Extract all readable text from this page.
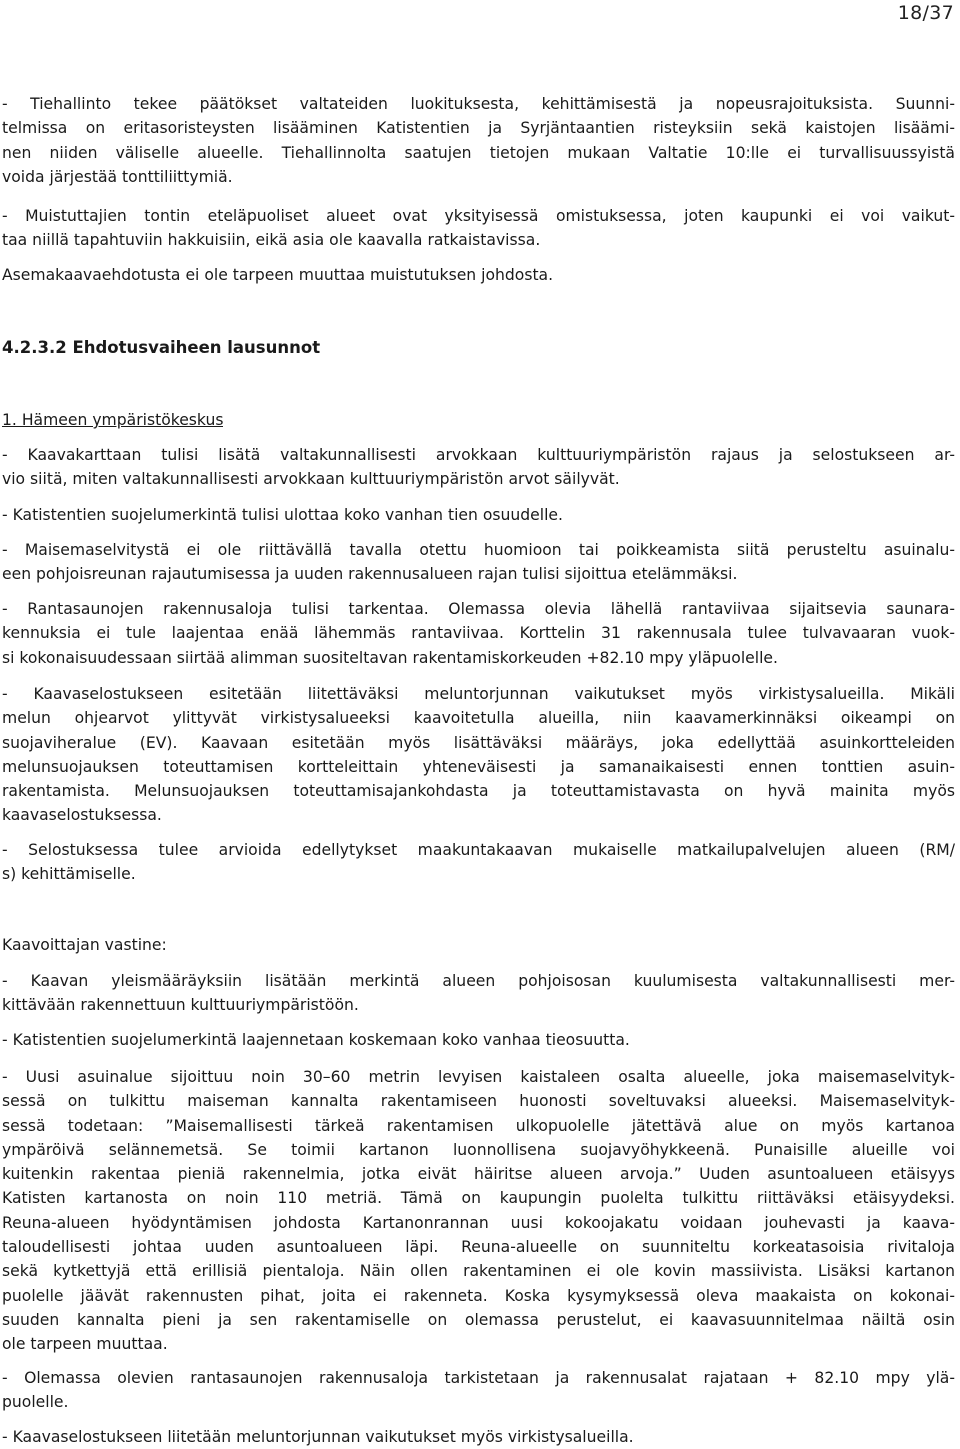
18/37
- Tiehallinto tekee päätökset valtateiden luokituksesta, kehittämisestä ja nopeusrajoituksista. Suunni-
telmissa on eritasoristeysten lisääminen Katistentien ja Syrjäntaantien risteyksiin sekä kaistojen lisäämi-
nen niiden väliselle alueelle. Tiehallinnolta saatujen tietojen mukaan Valtatie 10:lle ei turvallisuussyistä
voida järjestää tonttiliittymiä.
- Muistuttajien tontin eteläpuoliset alueet ovat yksityisessä omistuksessa, joten kaupunki ei voi vaikut-
taa niillä tapahtuviin hakkuisiin, eikä asia ole kaavalla ratkaistavissa.
Asemakaavaehdotusta ei ole tarpeen muuttaa muistutuksen johdosta.
4.2.3.2 Ehdotusvaiheen lausunnot
1. Hämeen ympäristökeskus
- Kaavakarttaan tulisi lisätä valtakunnallisesti arvokkaan kulttuuriympäristön rajaus ja selostukseen ar-
vio siitä, miten valtakunnallisesti arvokkaan kulttuuriympäristön arvot säilyvät.
- Katistentien suojelumerkintä tulisi ulottaa koko vanhan tien osuudelle.
- Maisemaselvitystä ei ole riittävällä tavalla otettu huomioon tai poikkeamista siitä perusteltu asuinalu-
een pohjoisreunan rajautumisessa ja uuden rakennusalueen rajan tulisi sijoittua etelämmäksi.
- Rantasaunojen rakennusaloja tulisi tarkentaa. Olemassa olevia lähellä rantaviivaa sijaitsevia saunara-
kennuksia ei tule laajentaa enää lähemmäs rantaviivaa. Korttelin 31 rakennusala tulee tulvavaaran vuok-
si kokonaisuudessaan siirtää alimman suositeltavan rakentamiskorkeuden +82.10 mpy yläpuolelle.
- Kaavaselostukseen esitetään liitettäväksi meluntorjunnan vaikutukset myös virkistysalueilla. Mikäli
melun ohjearvot ylittyvät virkistysalueeksi kaavoitetulla alueilla, niin kaavamerkinnäksi oikeampi on
suojaviheralue (EV). Kaavaan esitetään myös lisättäväksi määräys, joka edellyttää asuinkortteleiden
melunsuojauksen toteuttamisen kortteleittain yhteneväisesti ja samanaikaisesti ennen tonttien asuin-
rakentamista. Melunsuojauksen toteuttamisajankohdasta ja toteuttamistavasta on hyvä mainita myös
kaavaselostuksessa.
- Selostuksessa tulee arvioida edellytykset maakuntakaavan mukaiselle matkailupalvelujen alueen (RM/
s) kehittämiselle.
Kaavoittajan vastine:
- Kaavan yleismääräyksiin lisätään merkintä alueen pohjoisosan kuulumisesta valtakunnallisesti mer-
kittävään rakennettuun kulttuuriympäristöön.
- Katistentien suojelumerkintä laajennetaan koskemaan koko vanhaa tieosuutta.
- Uusi asuinalue sijoittuu noin 30–60 metrin levyisen kaistaleen osalta alueelle, joka maisemaselvityk-
sessä on tulkittu maiseman kannalta rakentamiseen huonosti soveltuvaksi alueeksi. Maisemaselvityk-
sessä todetaan: ”Maisemallisesti tärkeä rakentamisen ulkopuolelle jätettävä alue on myös kartanoa
ympäröivä selännemetsä. Se toimii kartanon luonnollisena suojavyöhykkeenä. Punaisille alueille voi
kuitenkin rakentaa pieniä rakennelmia, jotka eivät häiritse alueen arvoja.” Uuden asuntoalueen etäisyys
Katisten kartanosta on noin 110 metriä. Tämä on kaupungin puolelta tulkittu riittäväksi etäisyydeksi.
Reuna-alueen hyödyntämisen johdosta Kartanonrannan uusi kokoojakatu voidaan jouhevasti ja kaava-
taloudellisesti johtaa uuden asuntoalueen läpi. Reuna-alueelle on suunniteltu korkeatasoisia rivitaloja
sekä kytkettyjä että erillisiä pientaloja. Näin ollen rakentaminen ei ole kovin massiivista. Lisäksi kartanon
puolelle jäävät rakennusten pihat, joita ei rakenneta. Koska kysymyksessä oleva maakaista on kokonai-
suuden kannalta pieni ja sen rakentamiselle on olemassa perustelut, ei kaavasuunnitelmaa näiltä osin
ole tarpeen muuttaa.
- Olemassa olevien rantasaunojen rakennusaloja tarkistetaan ja rakennusalat rajataan + 82.10 mpy ylä-
puolelle.
- Kaavaselostukseen liitetään meluntorjunnan vaikutukset myös virkistysalueilla.
